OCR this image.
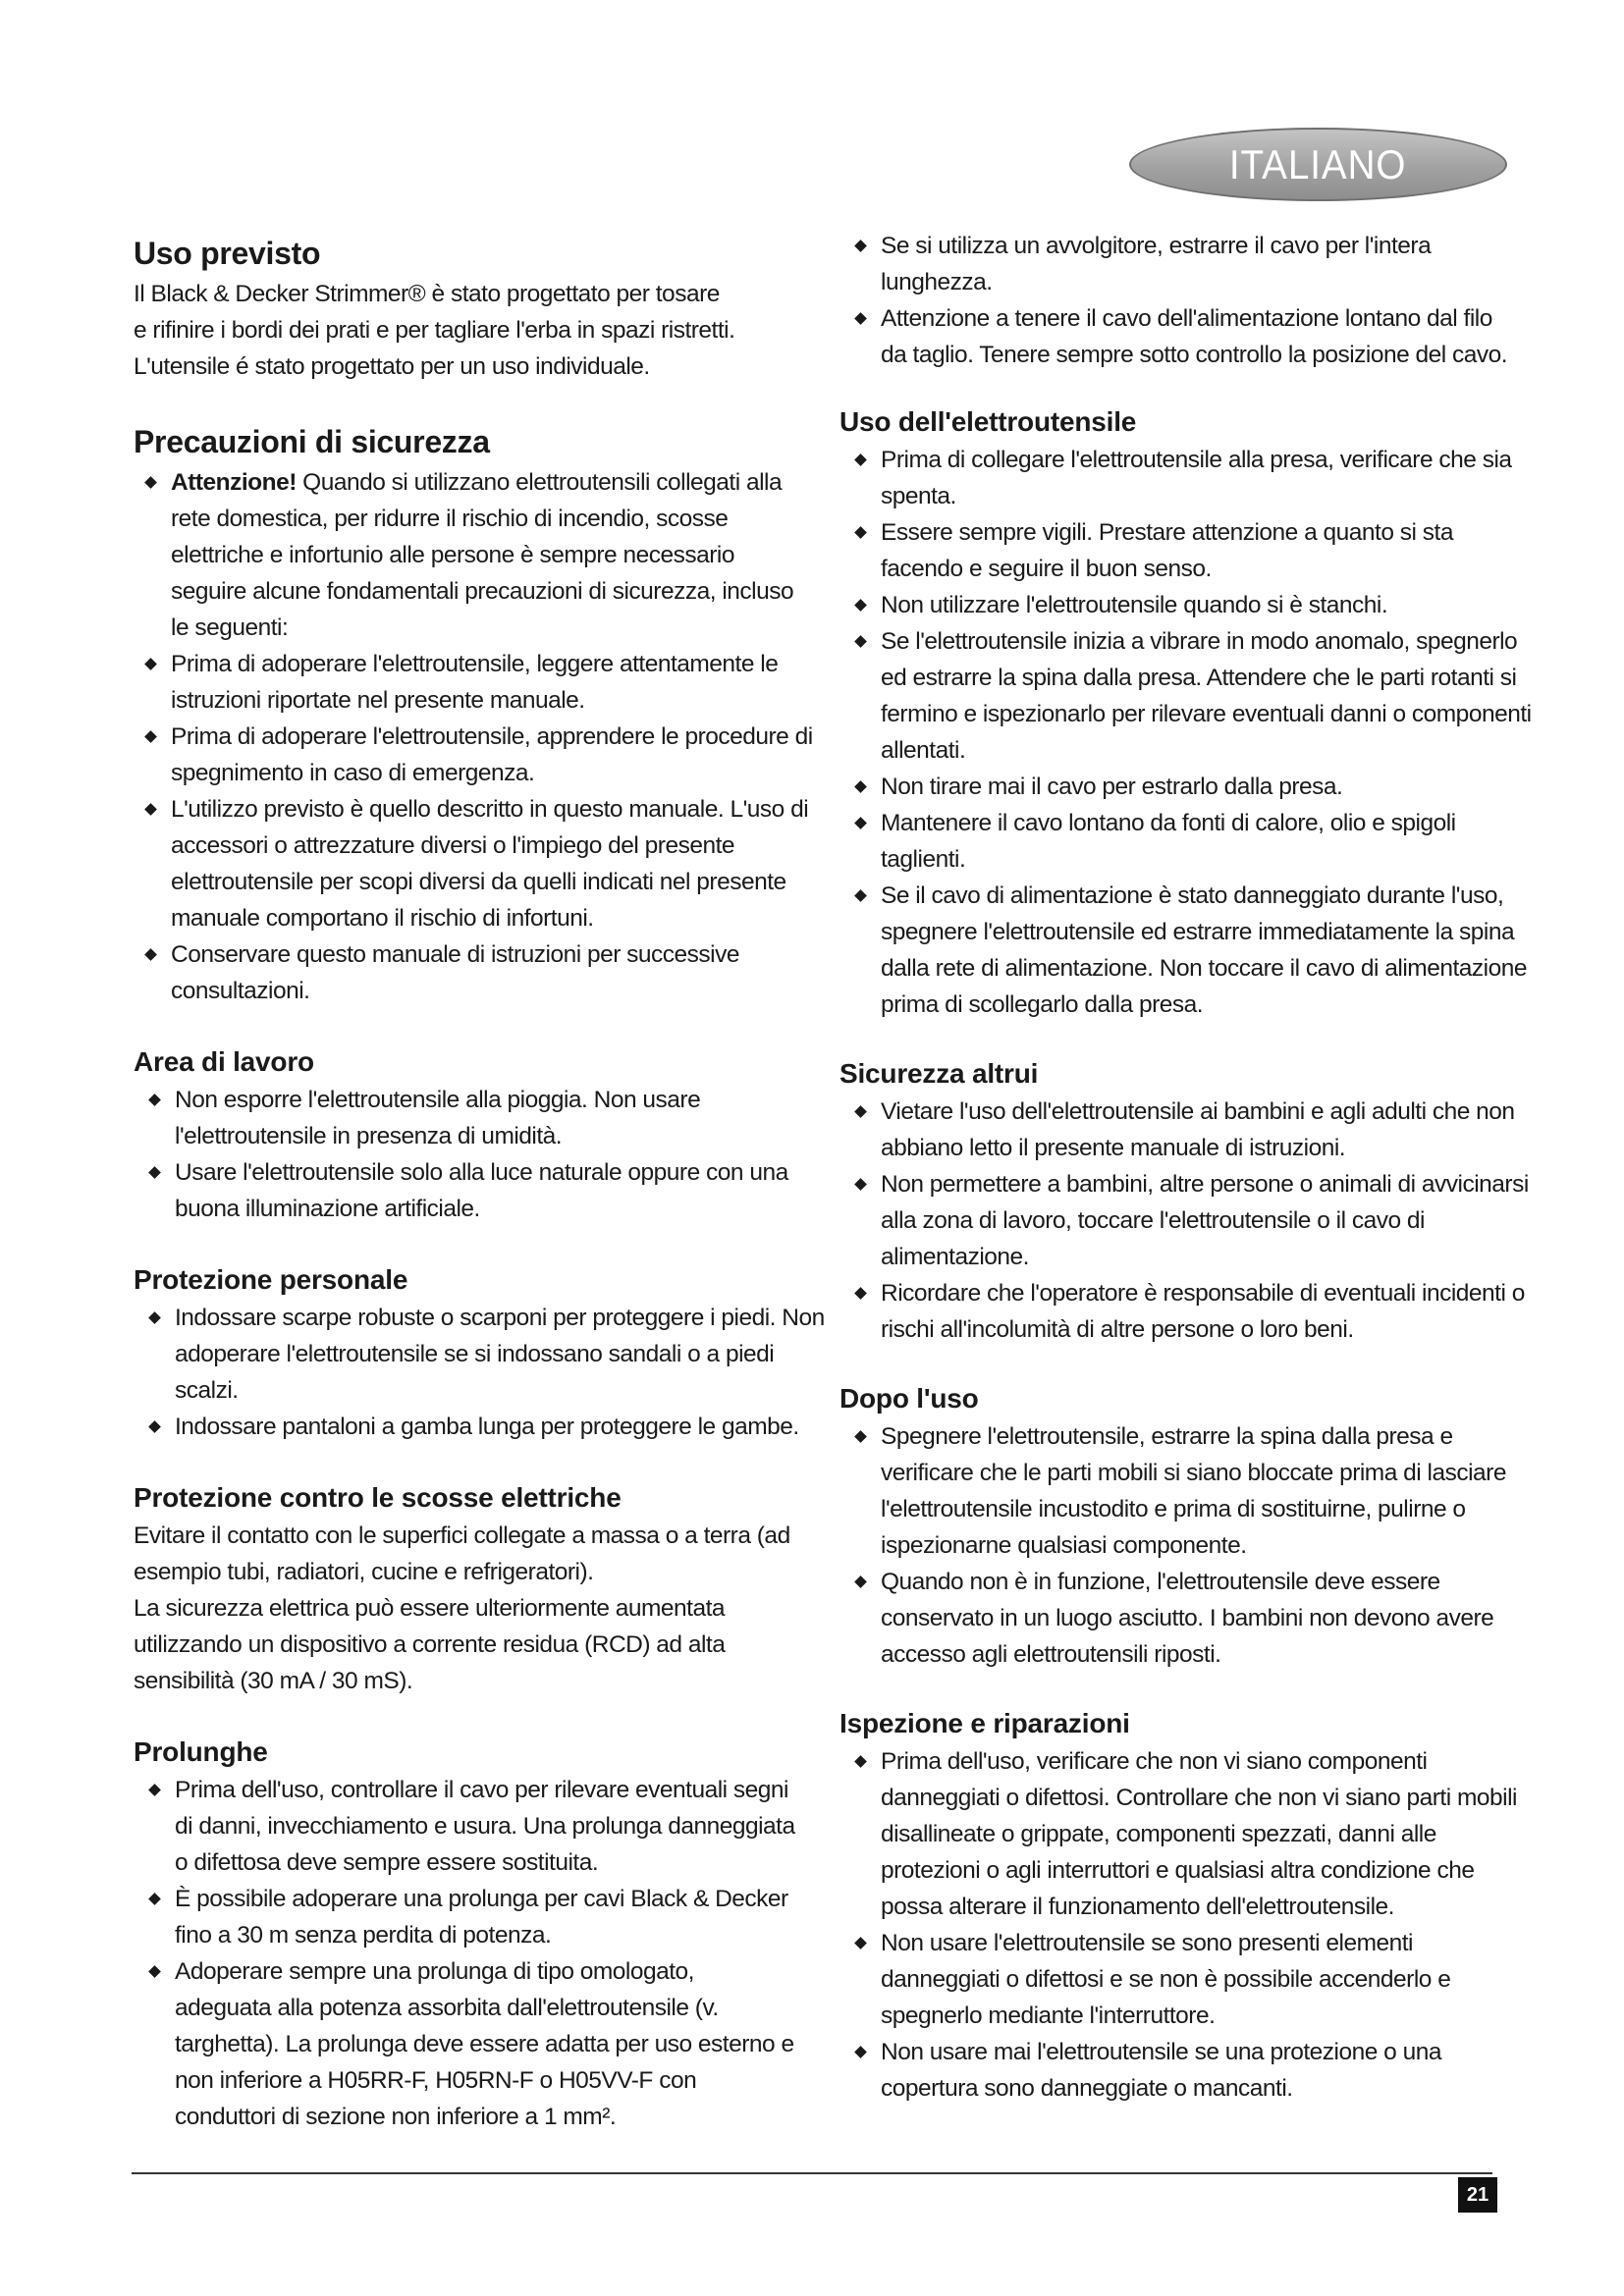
ITALIANO
Uso previsto

Il Black & Decker Strimmer® è stato progettato per tosare

e rifinire i bordi dei prati e per tagliare l'erba in spazi ristretti.

L'utensile é stato progettato per un uso individuale.

Precauzioni di sicurezza
Attenzione! Quando si utilizzano elettroutensili collegati alla rete domestica, per ridurre il rischio di incendio, scosse elettriche e infortunio alle persone è sempre necessario seguire alcune fondamentali precauzioni di sicurezza, incluso le seguenti:
Prima di adoperare l'elettroutensile, leggere attentamente le istruzioni riportate nel presente manuale.
Prima di adoperare l'elettroutensile, apprendere le procedure di spegnimento in caso di emergenza.
L'utilizzo previsto è quello descritto in questo manuale. L'uso di accessori o attrezzature diversi o l'impiego del presente elettroutensile per scopi diversi da quelli indicati nel presente manuale comportano il rischio di infortuni.
Conservare questo manuale di istruzioni per successive consultazioni.
Area di lavoro
Non esporre l'elettroutensile alla pioggia. Non usare l'elettroutensile in presenza di umidità.
Usare l'elettroutensile solo alla luce naturale oppure con una buona illuminazione artificiale.
Protezione personale
Indossare scarpe robuste o scarponi per proteggere i piedi. Non adoperare l'elettroutensile se si indossano sandali o a piedi scalzi.
Indossare pantaloni a gamba lunga per proteggere le gambe.
Protezione contro le scosse elettriche

Evitare il contatto con le superfici collegate a massa o a terra (ad esempio tubi, radiatori, cucine e refrigeratori).

La sicurezza elettrica può essere ulteriormente aumentata utilizzando un dispositivo a corrente residua (RCD) ad alta sensibilità (30 mA / 30 mS).

Prolunghe
Prima dell'uso, controllare il cavo per rilevare eventuali segni di danni, invecchiamento e usura. Una prolunga danneggiata o difettosa deve sempre essere sostituita.
È possibile adoperare una prolunga per cavi Black & Decker fino a 30 m senza perdita di potenza.
Adoperare sempre una prolunga di tipo omologato, adeguata alla potenza assorbita dall'elettroutensile (v. targhetta). La prolunga deve essere adatta per uso esterno e non inferiore a H05RR-F, H05RN-F o H05VV-F con conduttori di sezione non inferiore a 1 mm².
Se si utilizza un avvolgitore, estrarre il cavo per l'intera lunghezza.
Attenzione a tenere il cavo dell'alimentazione lontano dal filo da taglio. Tenere sempre sotto controllo la posizione del cavo.
Uso dell'elettroutensile
Prima di collegare l'elettroutensile alla presa, verificare che sia spenta.
Essere sempre vigili. Prestare attenzione a quanto si sta facendo e seguire il buon senso.
Non utilizzare l'elettroutensile quando si è stanchi.
Se l'elettroutensile inizia a vibrare in modo anomalo, spegnerlo ed estrarre la spina dalla presa. Attendere che le parti rotanti si fermino e ispezionarlo per rilevare eventuali danni o componenti allentati.
Non tirare mai il cavo per estrarlo dalla presa.
Mantenere il cavo lontano da fonti di calore, olio e spigoli taglienti.
Se il cavo di alimentazione è stato danneggiato durante l'uso, spegnere l'elettroutensile ed estrarre immediatamente la spina dalla rete di alimentazione. Non toccare il cavo di alimentazione prima di scollegarlo dalla presa.
Sicurezza altrui
Vietare l'uso dell'elettroutensile ai bambini e agli adulti che non abbiano letto il presente manuale di istruzioni.
Non permettere a bambini, altre persone o animali di avvicinarsi alla zona di lavoro, toccare l'elettroutensile o il cavo di alimentazione.
Ricordare che l'operatore è responsabile di eventuali incidenti o rischi all'incolumità di altre persone o loro beni.
Dopo l'uso
Spegnere l'elettroutensile, estrarre la spina dalla presa e verificare che le parti mobili si siano bloccate prima di lasciare l'elettroutensile incustodito e prima di sostituirne, pulirne o ispezionarne qualsiasi componente.
Quando non è in funzione, l'elettroutensile deve essere conservato in un luogo asciutto. I bambini non devono avere accesso agli elettroutensili riposti.
Ispezione e riparazioni
Prima dell'uso, verificare che non vi siano componenti danneggiati o difettosi. Controllare che non vi siano parti mobili disallineate o grippate, componenti spezzati, danni alle protezioni o agli interruttori e qualsiasi altra condizione che possa alterare il funzionamento dell'elettroutensile.
Non usare l'elettroutensile se sono presenti elementi danneggiati o difettosi e se non è possibile accenderlo e spegnerlo mediante l'interruttore.
Non usare mai l'elettroutensile se una protezione o una copertura sono danneggiate o mancanti.
21
